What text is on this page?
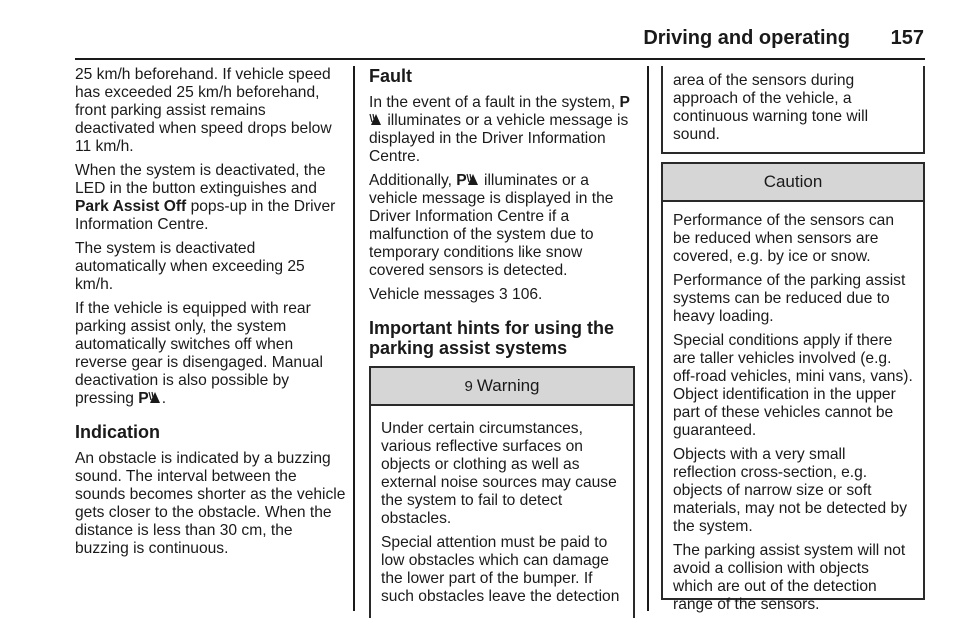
Driving and operating 157

25 km/h beforehand. If vehicle speed has exceeded 25 km/h beforehand, front parking assist remains deactivated when speed drops below 11 km/h.

When the system is deactivated, the LED in the button extinguishes and Park Assist Off pops-up in the Driver Information Centre.

The system is deactivated automatically when exceeding 25 km/h.

If the vehicle is equipped with rear parking assist only, the system automatically switches off when reverse gear is disengaged. Manual deactivation is also possible by pressing P .

Indication

An obstacle is indicated by a buzzing sound. The interval between the sounds becomes shorter as the vehicle gets closer to the obstacle. When the distance is less than 30 cm, the buzzing is continuous.

Fault

In the event of a fault in the system, P illuminates or a vehicle message is displayed in the Driver Information Centre.

Additionally, P illuminates or a vehicle message is displayed in the Driver Information Centre if a malfunction of the system due to temporary conditions like snow covered sensors is detected.

Vehicle messages 3 106.

Important hints for using the parking assist systems
9 Warning

Under certain circumstances, various reflective surfaces on objects or clothing as well as external noise sources may cause the system to fail to detect obstacles.

Special attention must be paid to low obstacles which can damage the lower part of the bumper. If such obstacles leave the detection

area of the sensors during approach of the vehicle, a continuous warning tone will sound.

Caution

Performance of the sensors can be reduced when sensors are covered, e.g. by ice or snow.

Performance of the parking assist systems can be reduced due to heavy loading.

Special conditions apply if there are taller vehicles involved (e.g. off-road vehicles, mini vans, vans). Object identification in the upper part of these vehicles cannot be guaranteed.

Objects with a very small reflection cross-section, e.g. objects of narrow size or soft materials, may not be detected by the system.

The parking assist system will not avoid a collision with objects which are out of the detection range of the sensors.
